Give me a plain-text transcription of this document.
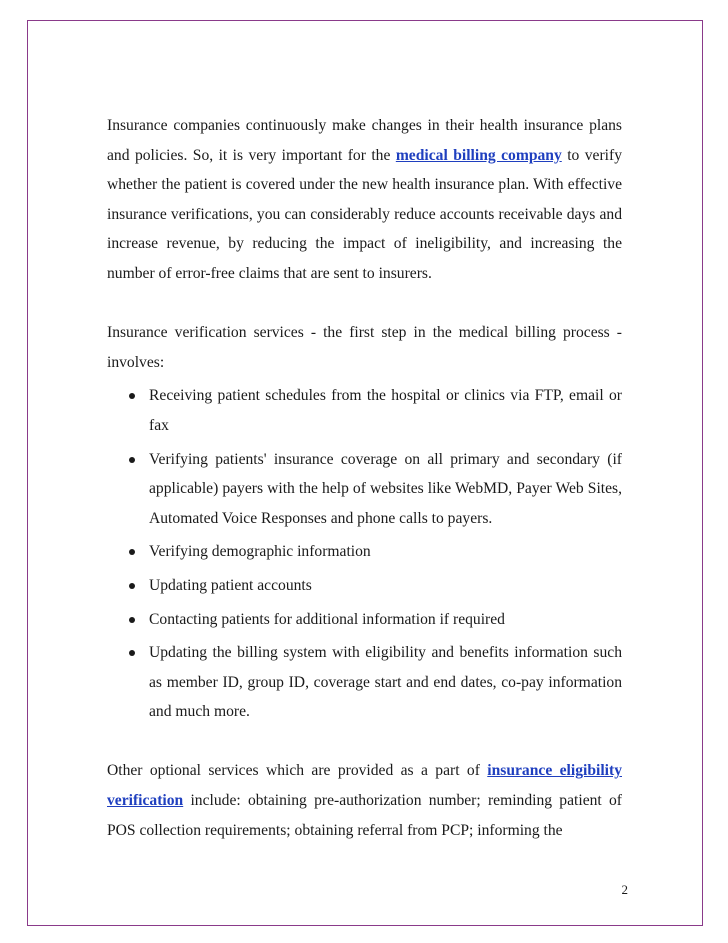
Insurance companies continuously make changes in their health insurance plans and policies. So, it is very important for the medical billing company to verify whether the patient is covered under the new health insurance plan. With effective insurance verifications, you can considerably reduce accounts receivable days and increase revenue, by reducing the impact of ineligibility, and increasing the number of error-free claims that are sent to insurers.

Insurance verification services - the first step in the medical billing process - involves:

Receiving patient schedules from the hospital or clinics via FTP, email or fax
Verifying patients' insurance coverage on all primary and secondary (if applicable) payers with the help of websites like WebMD, Payer Web Sites, Automated Voice Responses and phone calls to payers.
Verifying demographic information
Updating patient accounts
Contacting patients for additional information if required
Updating the billing system with eligibility and benefits information such as member ID, group ID, coverage start and end dates, co-pay information and much more.

Other optional services which are provided as a part of insurance eligibility verification include: obtaining pre-authorization number; reminding patient of POS collection requirements; obtaining referral from PCP; informing the

2
